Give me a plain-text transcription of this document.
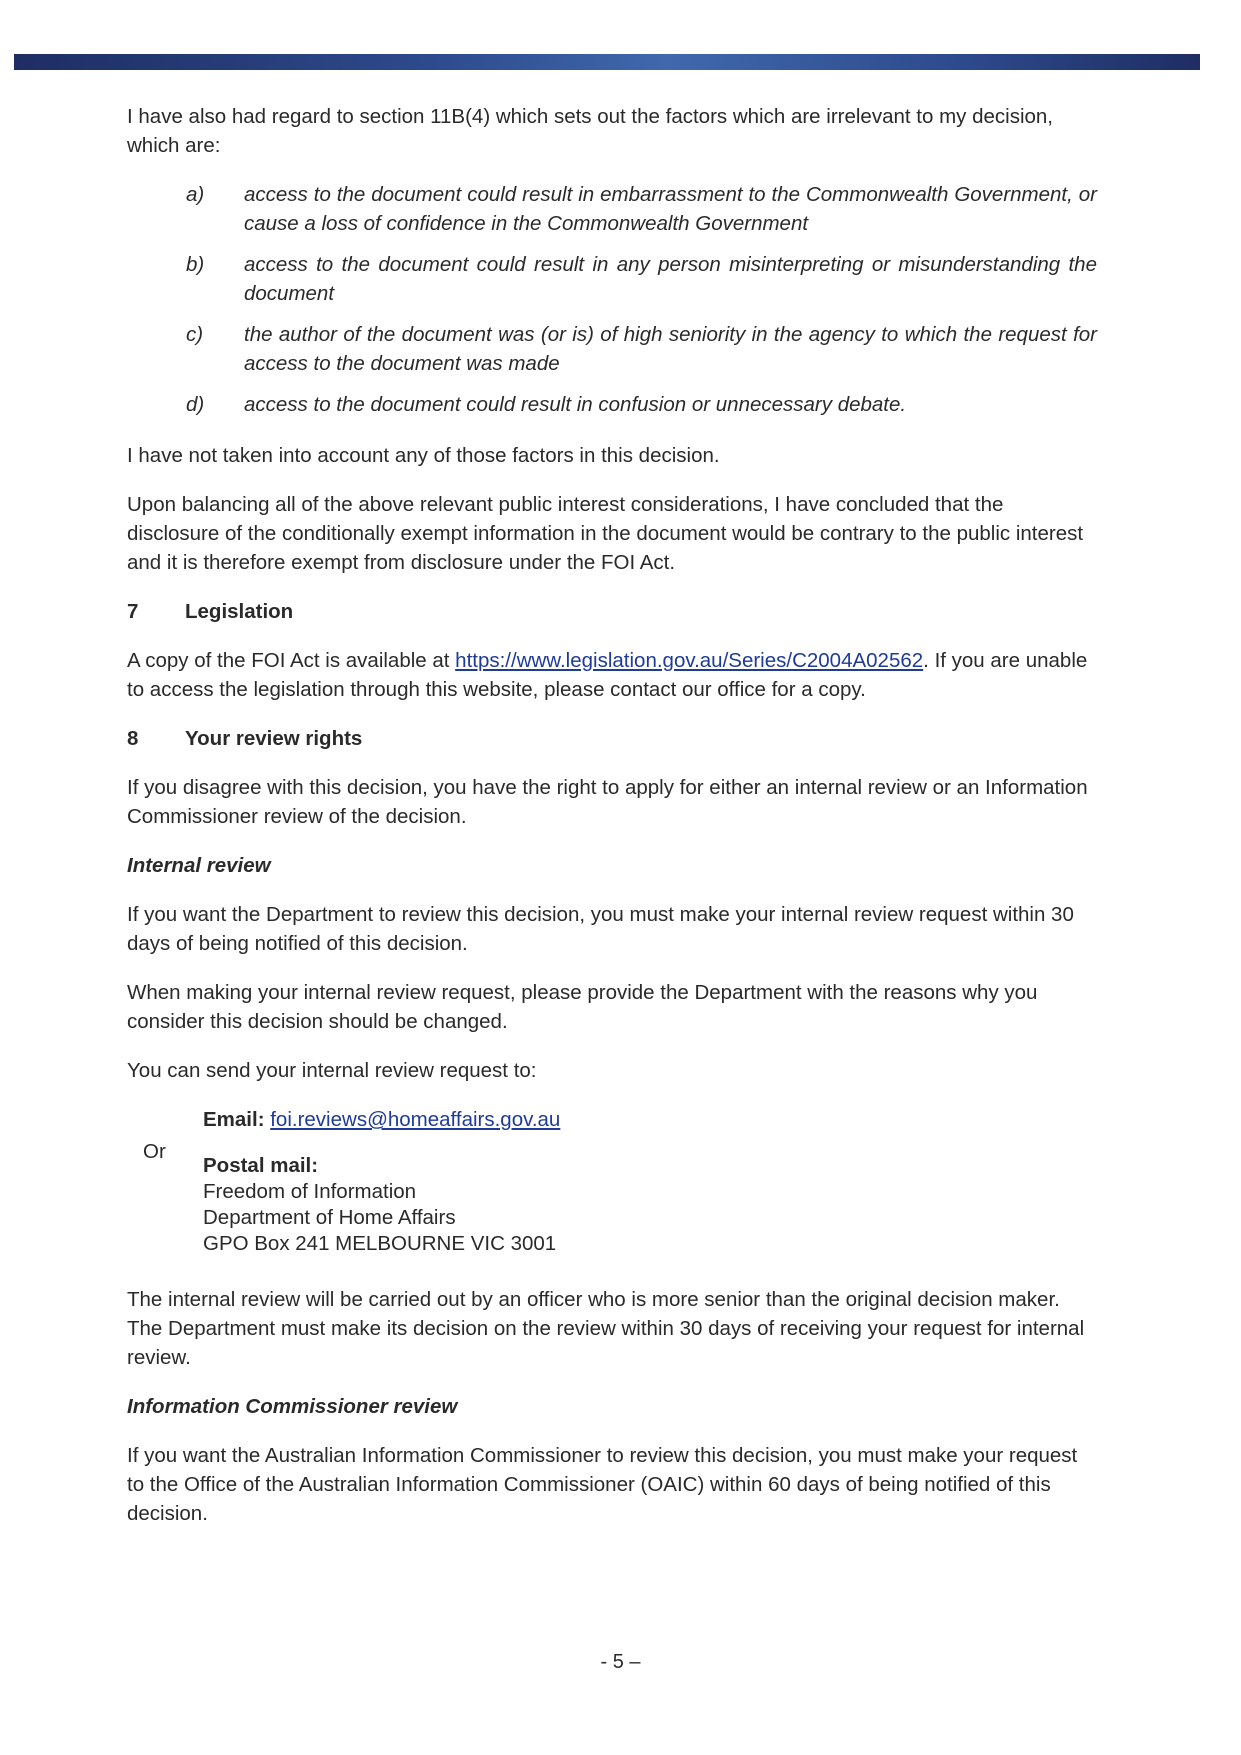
I have also had regard to section 11B(4) which sets out the factors which are irrelevant to my decision, which are:

a)	access to the document could result in embarrassment to the Commonwealth Government, or cause a loss of confidence in the Commonwealth Government
b)	access to the document could result in any person misinterpreting or misunderstanding the document
c)	the author of the document was (or is) of high seniority in the agency to which the request for access to the document was made
d)	access to the document could result in confusion or unnecessary debate.

I have not taken into account any of those factors in this decision.

Upon balancing all of the above relevant public interest considerations, I have concluded that the disclosure of the conditionally exempt information in the document would be contrary to the public interest and it is therefore exempt from disclosure under the FOI Act.

7 Legislation

A copy of the FOI Act is available at https://www.legislation.gov.au/Series/C2004A02562. If you are unable to access the legislation through this website, please contact our office for a copy.

8 Your review rights

If you disagree with this decision, you have the right to apply for either an internal review or an Information Commissioner review of the decision.

Internal review

If you want the Department to review this decision, you must make your internal review request within 30 days of being notified of this decision.

When making your internal review request, please provide the Department with the reasons why you consider this decision should be changed.

You can send your internal review request to:

Or
Email: foi.reviews@homeaffairs.gov.au
Postal mail:
Freedom of Information
Department of Home Affairs
GPO Box 241 MELBOURNE VIC 3001

The internal review will be carried out by an officer who is more senior than the original decision maker. The Department must make its decision on the review within 30 days of receiving your request for internal review.

Information Commissioner review

If you want the Australian Information Commissioner to review this decision, you must make your request to the Office of the Australian Information Commissioner (OAIC) within 60 days of being notified of this decision.

- 5 –
